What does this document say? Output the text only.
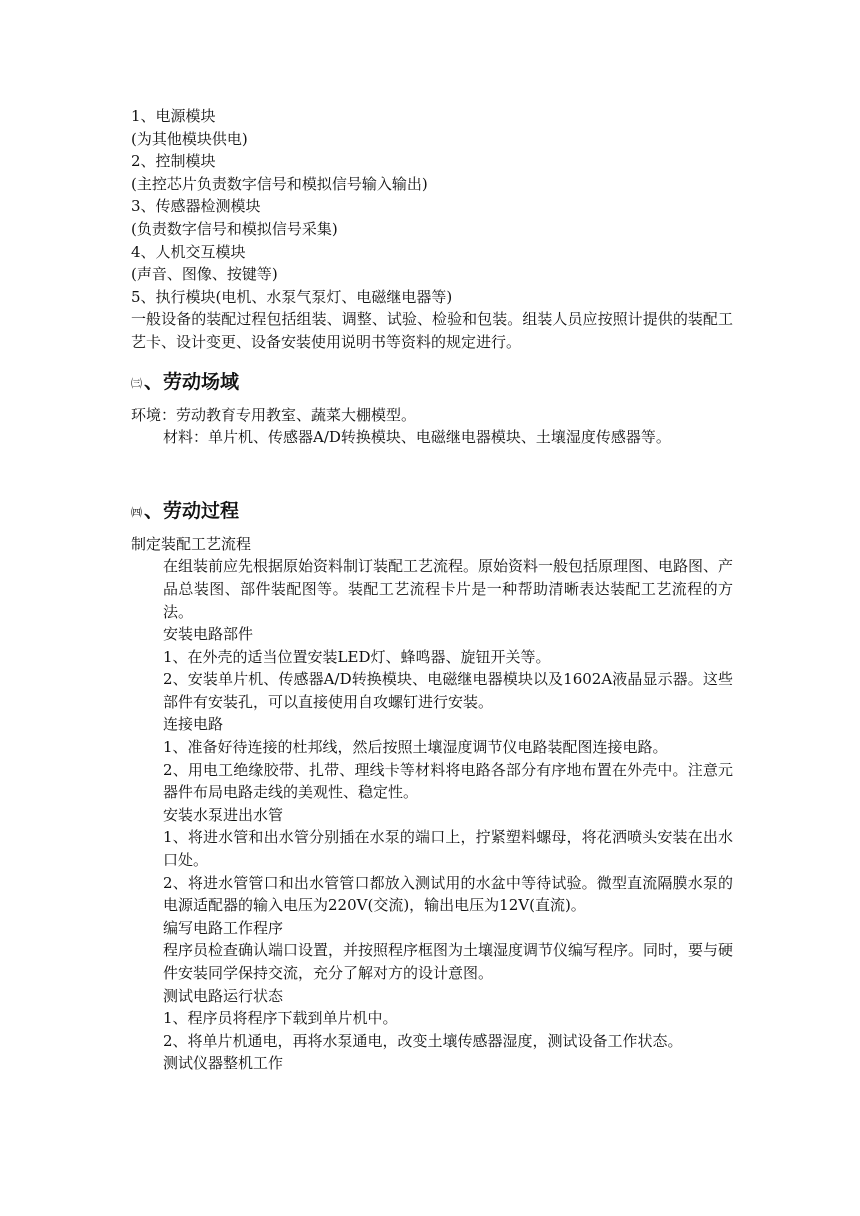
1、电源模块
(为其他模块供电)
2、控制模块
(主控芯片负责数字信号和模拟信号输入输出)
3、传感器检测模块
(负责数字信号和模拟信号采集)
4、人机交互模块
(声音、图像、按键等)
5、执行模块(电机、水泵气泵灯、电磁继电器等)
一般设备的装配过程包括组装、调整、试验、检验和包装。组装人员应按照计提供的装配工艺卡、设计变更、设备安装使用说明书等资料的规定进行。
㈢ 、劳动场域
环境：劳动教育专用教室、蔬菜大棚模型。
材料：单片机、传感器A/D转换模块、电磁继电器模块、土壤湿度传感器等。
㈣ 、劳动过程
制定装配工艺流程
在组装前应先根据原始资料制订装配工艺流程。原始资料一般包括原理图、电路图、产品总装图、部件装配图等。装配工艺流程卡片是一种帮助清晰表达装配工艺流程的方法。
安装电路部件
1、在外壳的适当位置安装LED灯、蜂鸣器、旋钮开关等。
2、安装单片机、传感器A/D转换模块、电磁继电器模块以及1602A液晶显示器。这些部件有安装孔，可以直接使用自攻螺钉进行安装。
连接电路
1、准备好待连接的杜邦线，然后按照土壤湿度调节仪电路装配图连接电路。
2、用电工绝缘胶带、扎带、理线卡等材料将电路各部分有序地布置在外壳中。注意元器件布局电路走线的美观性、稳定性。
安装水泵进出水管
1、将进水管和出水管分别插在水泵的端口上，拧紧塑料螺母，将花洒喷头安装在出水口处。
2、将进水管管口和出水管管口都放入测试用的水盆中等待试验。微型直流隔膜水泵的电源适配器的输入电压为220V(交流)，输出电压为12V(直流)。
编写电路工作程序
程序员检查确认端口设置，并按照程序框图为土壤湿度调节仪编写程序。同时，要与硬件安装同学保持交流，充分了解对方的设计意图。
测试电路运行状态
1、程序员将程序下载到单片机中。
2、将单片机通电，再将水泵通电，改变土壤传感器湿度，测试设备工作状态。
测试仪器整机工作
